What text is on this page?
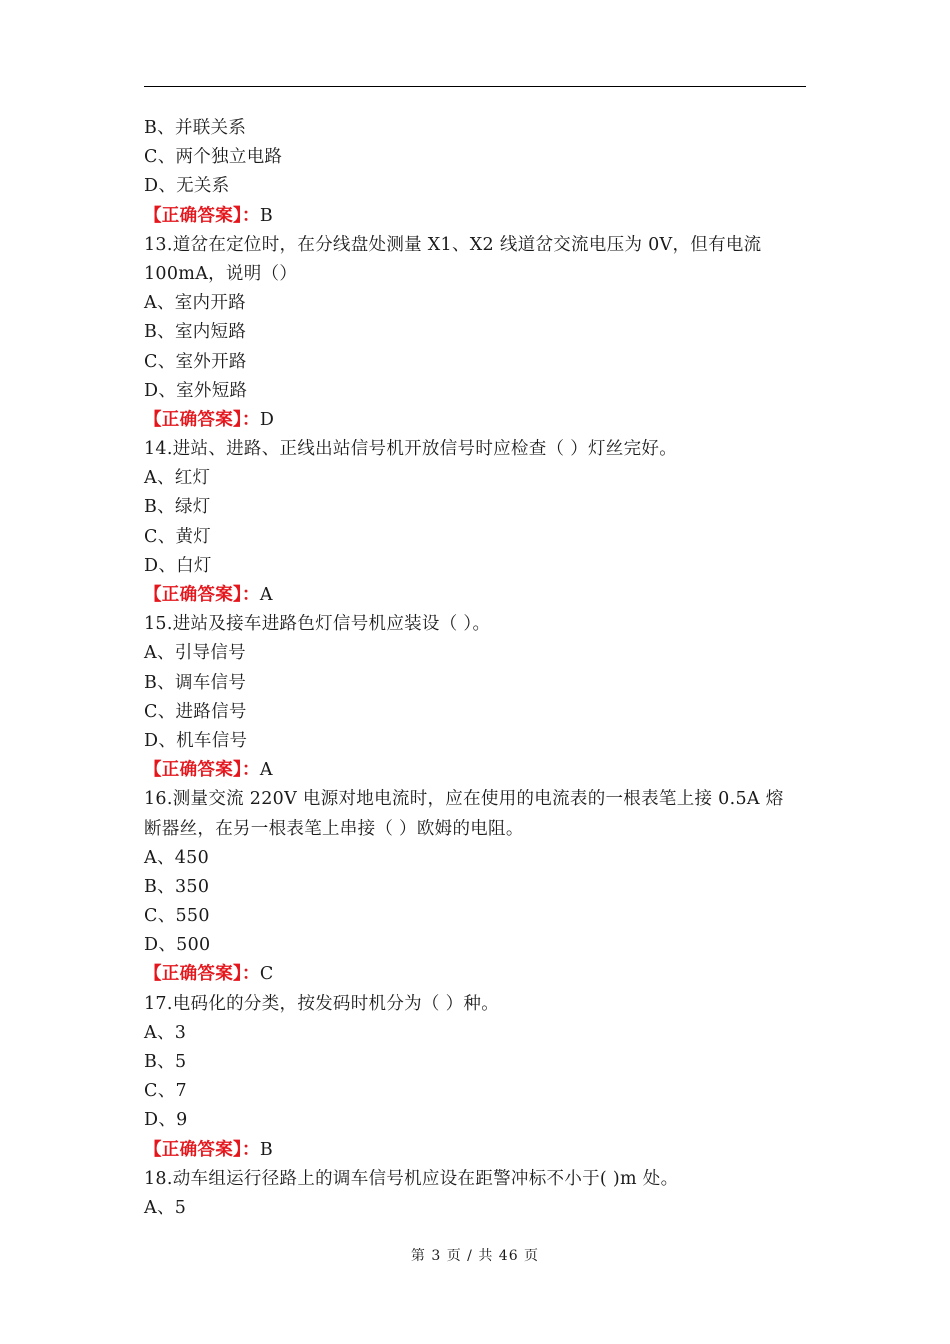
B、并联关系
C、两个独立电路
D、无关系
【正确答案】：B
13.道岔在定位时，在分线盘处测量 X1、X2 线道岔交流电压为 0V，但有电流
100mA，说明（）
A、室内开路
B、室内短路
C、室外开路
D、室外短路
【正确答案】：D
14.进站、进路、正线出站信号机开放信号时应检查（ ）灯丝完好。
A、红灯
B、绿灯
C、黄灯
D、白灯
【正确答案】：A
15.进站及接车进路色灯信号机应装设（ ）。
A、引导信号
B、调车信号
C、进路信号
D、机车信号
【正确答案】：A
16.测量交流 220V 电源对地电流时，应在使用的电流表的一根表笔上接 0.5A 熔
断器丝，在另一根表笔上串接（ ）欧姆的电阻。
A、450
B、350
C、550
D、500
【正确答案】：C
17.电码化的分类，按发码时机分为（ ）种。
A、3
B、5
C、7
D、9
【正确答案】：B
18.动车组运行径路上的调车信号机应设在距警冲标不小于( )m 处。
A、5
第 3 页 / 共 46 页
